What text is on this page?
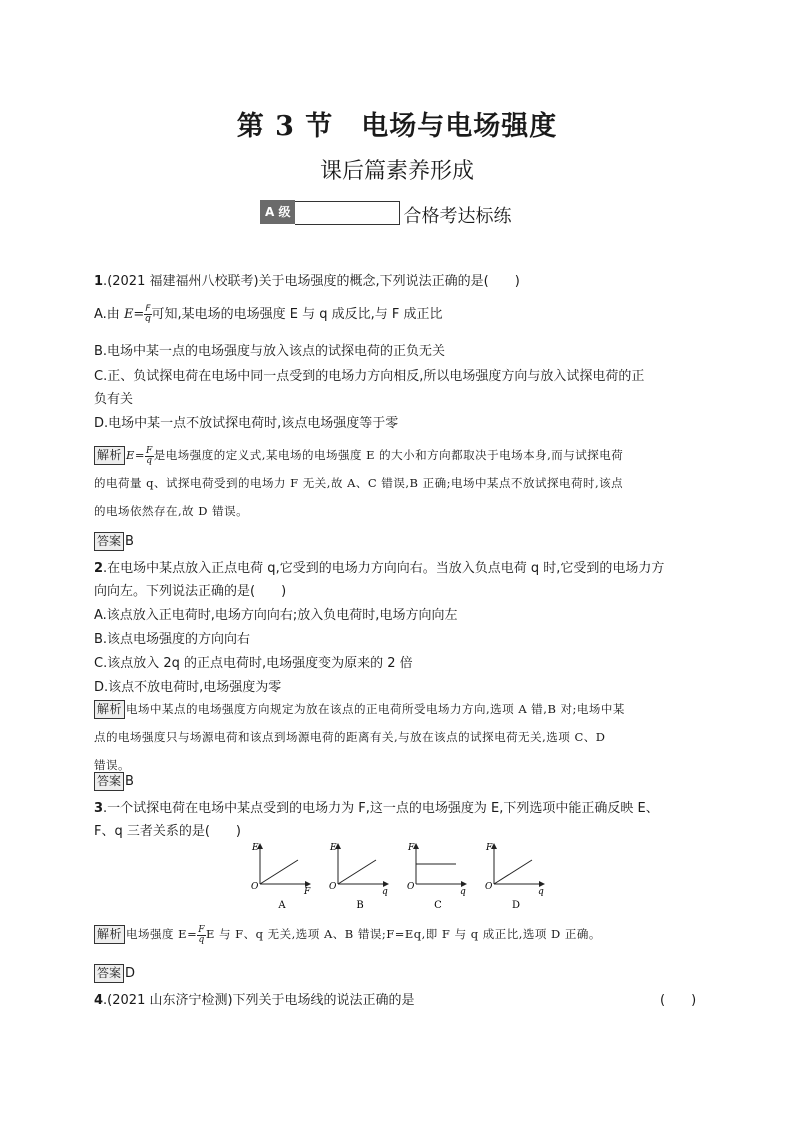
第 3 节　电场与电场强度
课后篇素养形成
A 级	合格考达标练
1.(2021 福建福州八校联考)关于电场强度的概念,下列说法正确的是(　　)
A.由 $E= \frac{F}{q}$ 可知,某电场的电场强度 E 与 q 成反比,与 F 成正比
B.电场中某一点的电场强度与放入该点的试探电荷的正负无关
C.正、负试探电荷在电场中同一点受到的电场力方向相反,所以电场强度方向与放入试探电荷的正
负有关
D.电场中某一点不放试探电荷时,该点电场强度等于零
解析 $E= \frac{F}{q}$ 是电场强度的定义式,某电场的电场强度 E 的大小和方向都取决于电场本身,而与试探电荷
的电荷量 q、试探电荷受到的电场力 F 无关,故 A、C 错误,B 正确;电场中某点不放试探电荷时,该点
的电场依然存在,故 D 错误。
答案 B
2.在电场中某点放入正点电荷 q,它受到的电场力方向向右。当放入负点电荷 q 时,它受到的电场力方
向向左。下列说法正确的是(　　)
A.该点放入正电荷时,电场方向向右;放入负电荷时,电场方向向左
B.该点电场强度的方向向右
C.该点放入 2q 的正点电荷时,电场强度变为原来的 2 倍
D.该点不放电荷时,电场强度为零
解析 电场中某点的电场强度方向规定为放在该点的正电荷所受电场力方向,选项 A 错,B 对;电场中某
点的电场强度只与场源电荷和该点到场源电荷的距离有关,与放在该点的试探电荷无关,选项 C、D
错误。
答案 B
3.一个试探电荷在电场中某点受到的电场力为 F,这一点的电场强度为 E,下列选项中能正确反映 E、
F、q 三者关系的是(　　)
E
F
O
A
E
q
O
B
F
q
O
C
F
q
O
D
解析 电场强度 $E= \frac{F}{q}$ E 与 F、q 无关,选项 A、B 错误;F=Eq,即 F 与 q 成正比,选项 D 正确。
答案 D
4.(2021 山东济宁检测)下列关于电场线的说法正确的是	(　　)
